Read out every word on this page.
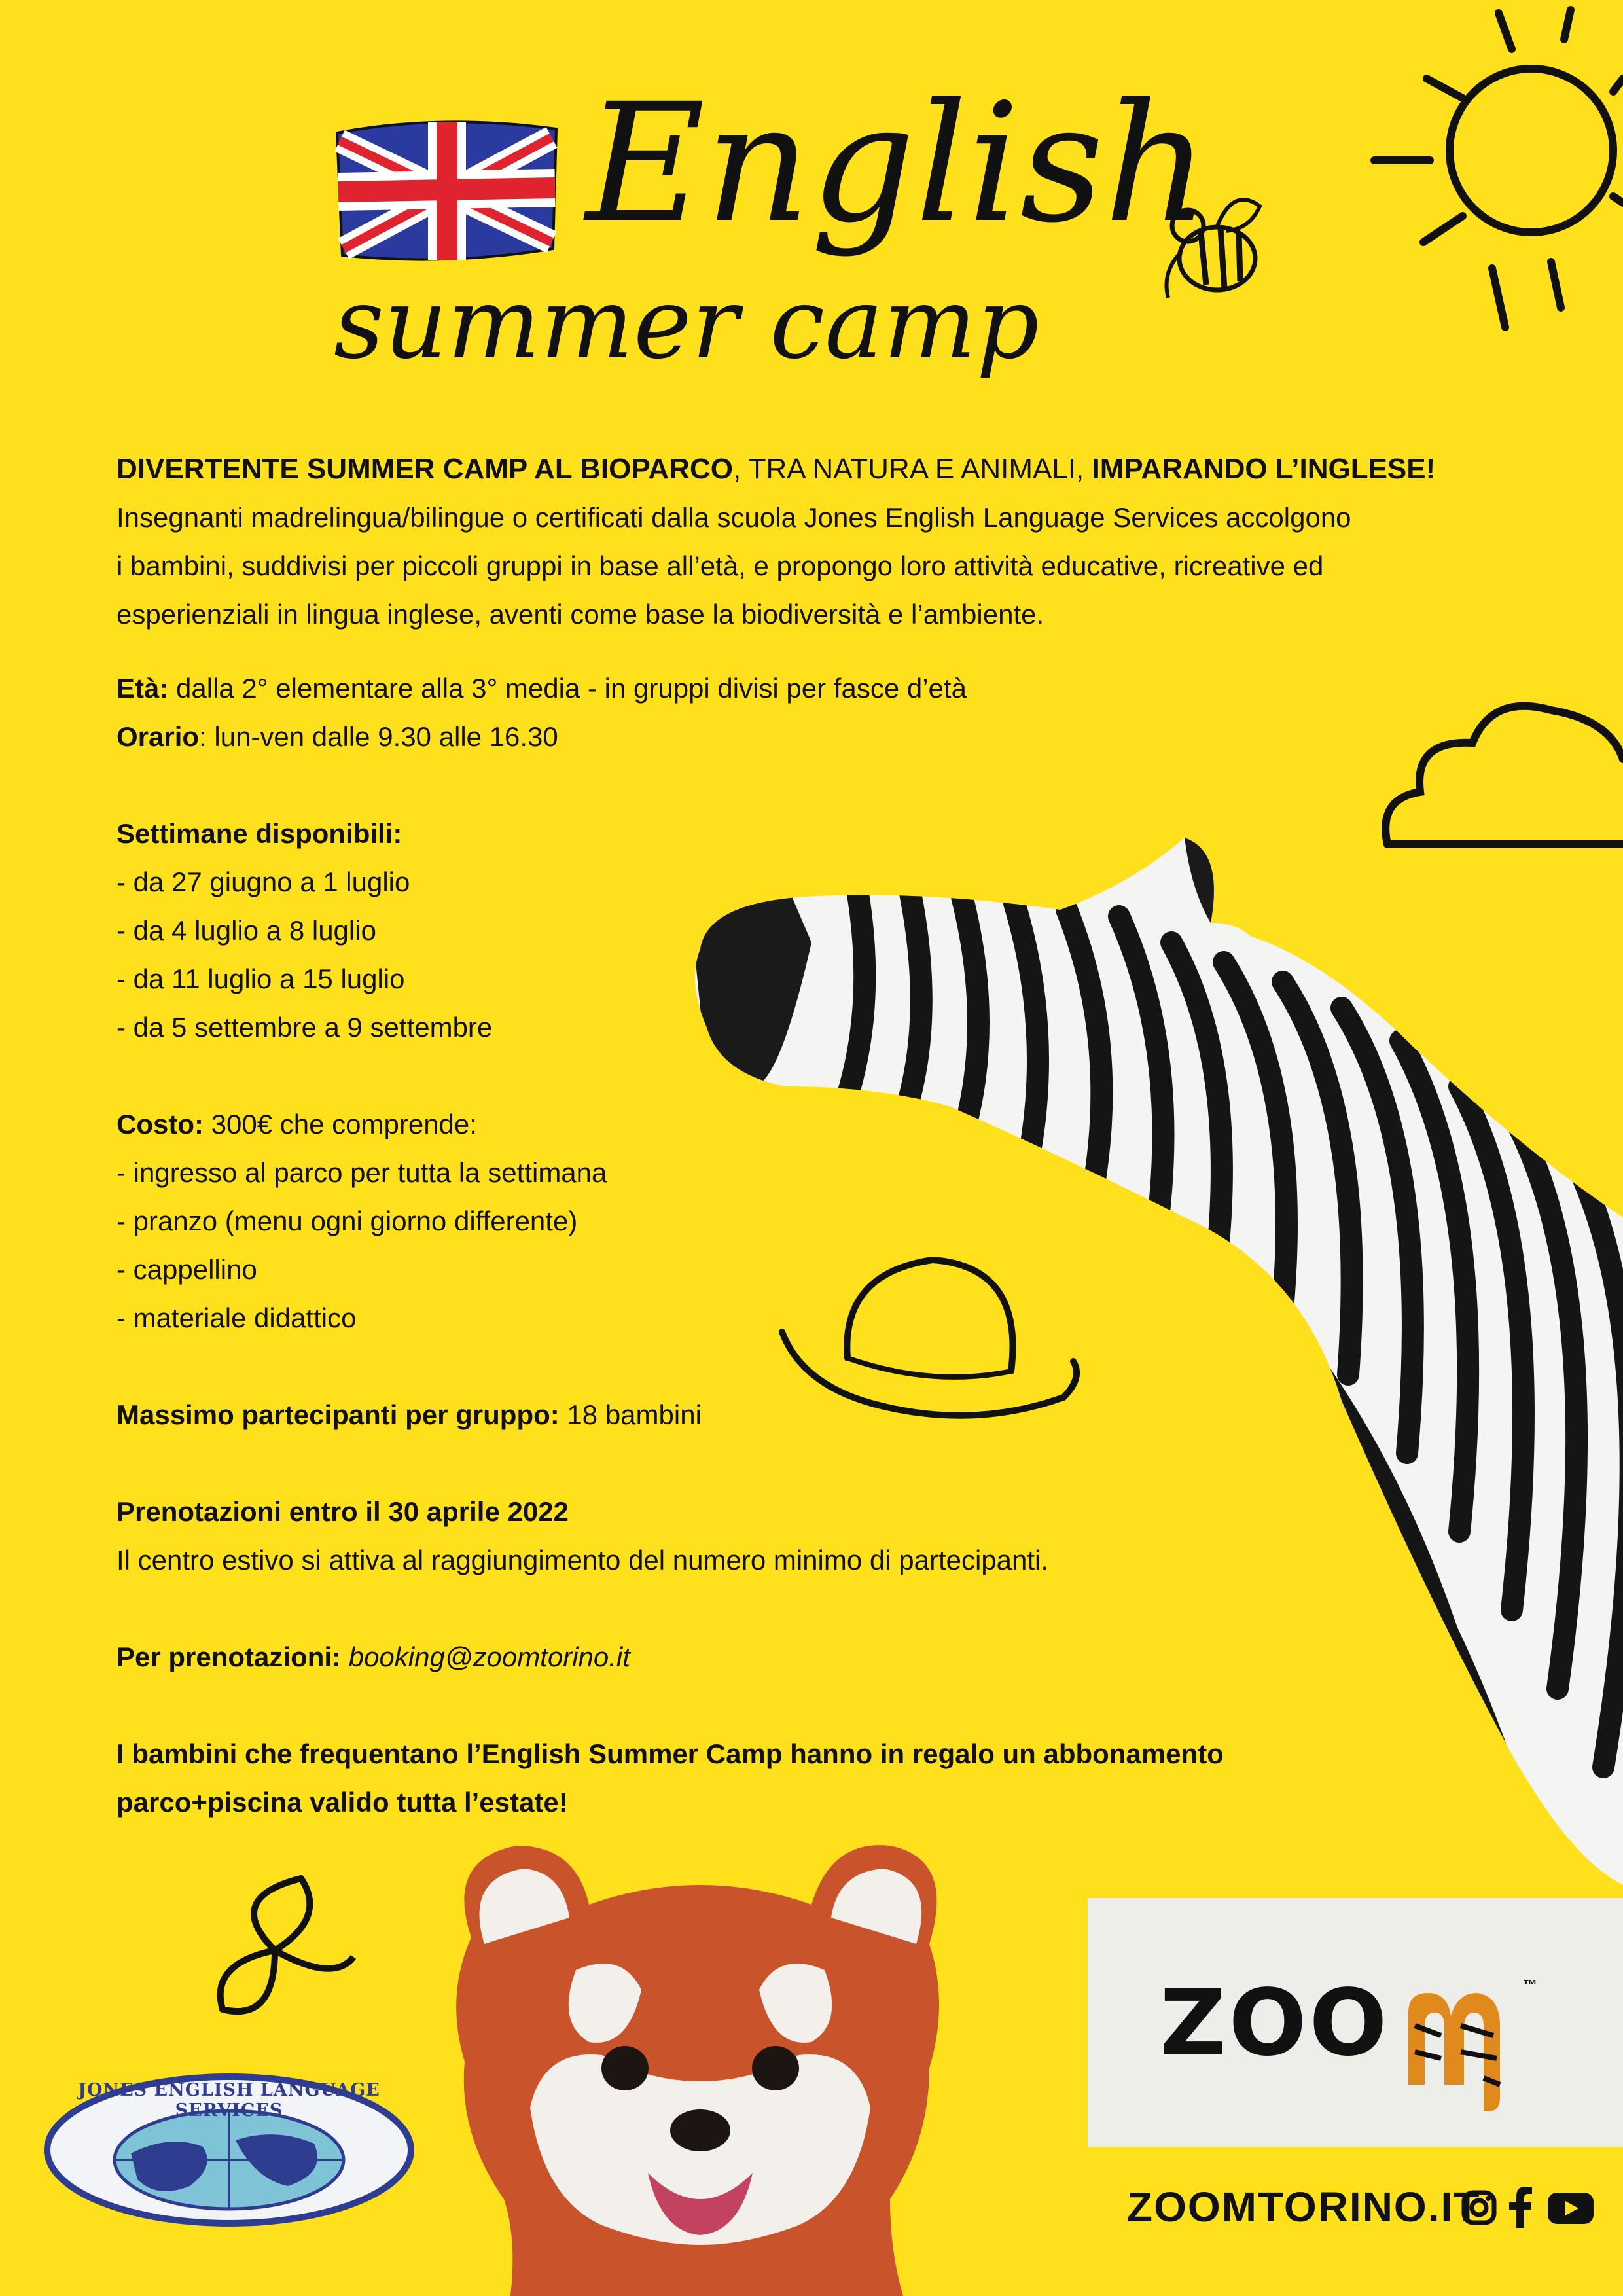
English
summer camp

DIVERTENTE SUMMER CAMP AL BIOPARCO, TRA NATURA E ANIMALI, IMPARANDO L’INGLESE!

Insegnanti madrelingua/bilingue o certificati dalla scuola Jones English Language Services accolgono

i bambini, suddivisi per piccoli gruppi in base all’età, e propongo loro attività educative, ricreative ed

esperienziali in lingua inglese, aventi come base la biodiversità e l’ambiente.

Età: dalla 2° elementare alla 3° media - in gruppi divisi per fasce d’età

Orario: lun-ven dalle 9.30 alle 16.30

Settimane disponibili:

- da 27 giugno a 1 luglio

- da 4 luglio a 8 luglio

- da 11 luglio a 15 luglio

- da 5 settembre a 9 settembre

Costo: 300€ che comprende:

- ingresso al parco per tutta la settimana

- pranzo (menu ogni giorno differente)

- cappellino

- materiale didattico

Massimo partecipanti per gruppo: 18 bambini

Prenotazioni entro il 30 aprile 2022

Il centro estivo si attiva al raggiungimento del numero minimo di partecipanti.

Per prenotazioni: booking@zoomtorino.it

I bambini che frequentano l’English Summer Camp hanno in regalo un abbonamento

parco+piscina valido tutta l’estate!

JONES ENGLISH LANGUAGE SERVICES
ZOO	™
ZOOMTORINO.IT
